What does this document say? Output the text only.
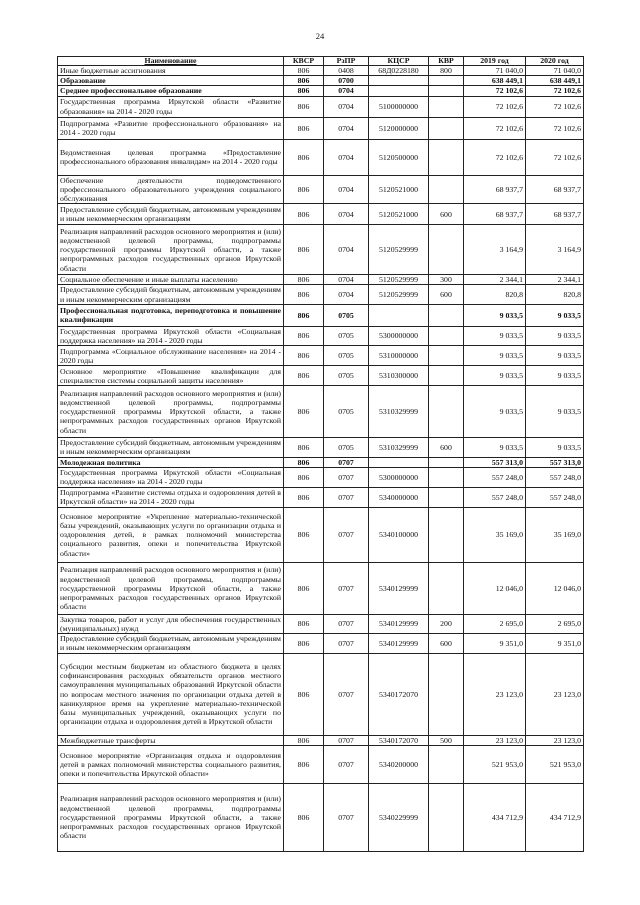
24
Наименование	КВСР	РзПР	КЦСР	КВР	2019 год	2020 год
Иные бюджетные ассигнования	806	0408	68Д0228180	800	71 040,0	71 040,0
Образование	806	0700			638 449,1	638 449,1
Среднее профессиональное образование	806	0704			72 102,6	72 102,6
Государственная программа Иркутской области «Развитие образования» на 2014 - 2020 годы	806	0704	5100000000		72 102,6	72 102,6
Подпрограмма «Развитие профессионального образования» на 2014 - 2020 годы	806	0704	5120000000		72 102,6	72 102,6
Ведомственная целевая программа «Предоставление профессионального образования инвалидам» на 2014 - 2020 годы	806	0704	5120500000		72 102,6	72 102,6
Обеспечение деятельности подведомственного профессионального образовательного учреждения социального обслуживания	806	0704	5120521000		68 937,7	68 937,7
Предоставление субсидий бюджетным, автономным учреждениям и иным некоммерческим организациям	806	0704	5120521000	600	68 937,7	68 937,7
Реализация направлений расходов основного мероприятия и (или) ведомственной целевой программы, подпрограммы государственной программы Иркутской области, а также непрограммных расходов государственных органов Иркутской области	806	0704	5120529999		3 164,9	3 164,9
Социальное обеспечение и иные выплаты населению	806	0704	5120529999	300	2 344,1	2 344,1
Предоставление субсидий бюджетным, автономным учреждениям и иным некоммерческим организациям	806	0704	5120529999	600	820,8	820,8
Профессиональная подготовка, переподготовка и повышение квалификации	806	0705			9 033,5	9 033,5
Государственная программа Иркутской области «Социальная поддержка населения» на 2014 - 2020 годы	806	0705	5300000000		9 033,5	9 033,5
Подпрограмма «Социальное обслуживание населения» на 2014 - 2020 годы	806	0705	5310000000		9 033,5	9 033,5
Основное мероприятие «Повышение квалификации для специалистов системы социальной защиты населения»	806	0705	5310300000		9 033,5	9 033,5
Реализация направлений расходов основного мероприятия и (или) ведомственной целевой программы, подпрограммы государственной программы Иркутской области, а также непрограммных расходов государственных органов Иркутской области	806	0705	5310329999		9 033,5	9 033,5
Предоставление субсидий бюджетным, автономным учреждениям и иным некоммерческим организациям	806	0705	5310329999	600	9 033,5	9 033,5
Молодежная политика	806	0707			557 313,0	557 313,0
Государственная программа Иркутской области «Социальная поддержка населения» на 2014 - 2020 годы	806	0707	5300000000		557 248,0	557 248,0
Подпрограмма «Развитие системы отдыха и оздоровления детей в Иркутской области» на 2014 - 2020 годы	806	0707	5340000000		557 248,0	557 248,0
Основное мероприятие «Укрепление материально-технической базы учреждений, оказывающих услуги по организации отдыха и оздоровления детей, в рамках полномочий министерства социального развития, опеки и попечительства Иркутской области»	806	0707	5340100000		35 169,0	35 169,0
Реализация направлений расходов основного мероприятия и (или) ведомственной целевой программы, подпрограммы государственной программы Иркутской области, а также непрограммных расходов государственных органов Иркутской области	806	0707	5340129999		12 046,0	12 046,0
Закупка товаров, работ и услуг для обеспечения государственных (муниципальных) нужд	806	0707	5340129999	200	2 695,0	2 695,0
Предоставление субсидий бюджетным, автономным учреждениям и иным некоммерческим организациям	806	0707	5340129999	600	9 351,0	9 351,0
Субсидии местным бюджетам из областного бюджета в целях софинансирования расходных обязательств органов местного самоуправления муниципальных образований Иркутской области по вопросам местного значения по организации отдыха детей в каникулярное время на укрепление материально-технической базы муниципальных учреждений, оказывающих услуги по организации отдыха и оздоровления детей в Иркутской области	806	0707	5340172070		23 123,0	23 123,0
Межбюджетные трансферты	806	0707	5340172070	500	23 123,0	23 123,0
Основное мероприятие «Организация отдыха и оздоровления детей в рамках полномочий министерства социального развития, опеки и попечительства Иркутской области»	806	0707	5340200000		521 953,0	521 953,0
Реализация направлений расходов основного мероприятия и (или) ведомственной целевой программы, подпрограммы государственной программы Иркутской области, а также непрограммных расходов государственных органов Иркутской области	806	0707	5340229999		434 712,9	434 712,9
